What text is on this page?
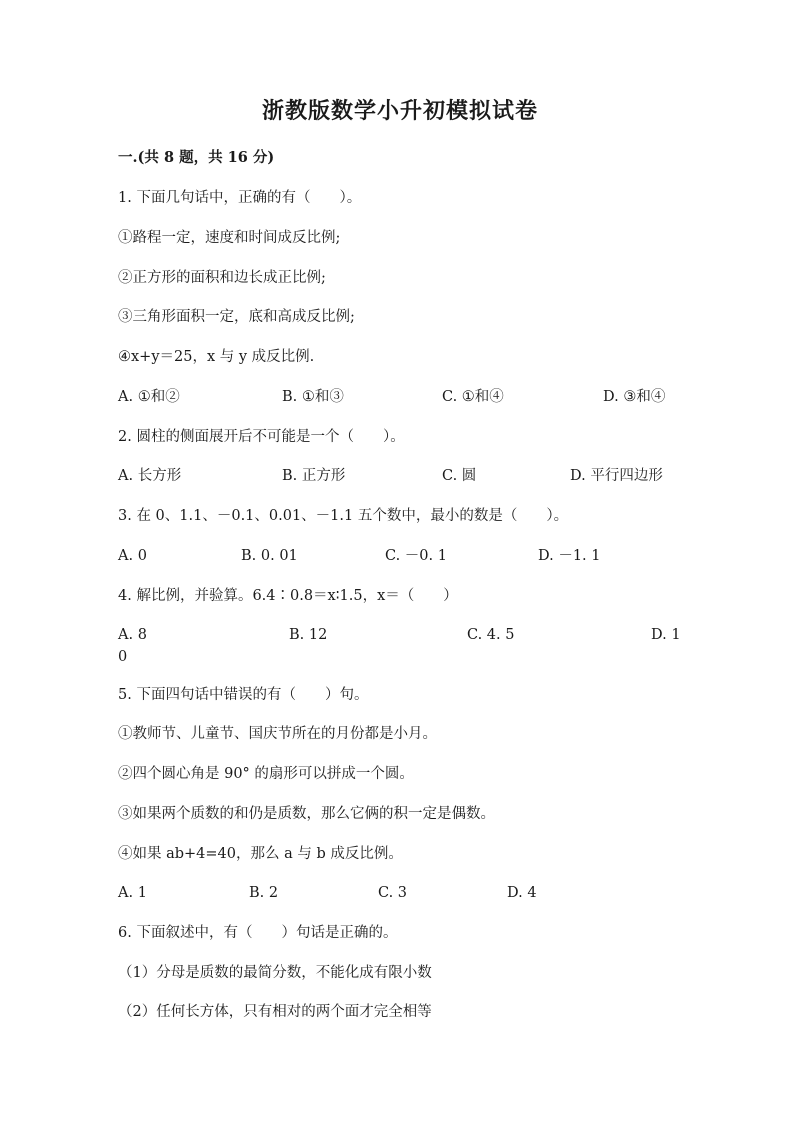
浙教版数学小升初模拟试卷
一.(共 8 题，共 16 分)
1. 下面几句话中，正确的有（　　）。
①路程一定，速度和时间成反比例;
②正方形的面积和边长成正比例;
③三角形面积一定，底和高成反比例;
④x+y＝25，x 与 y 成反比例.
A. ①和②	B. ①和③	C. ①和④	D. ③和④
2. 圆柱的侧面展开后不可能是一个（　　）。
A. 长方形	B. 正方形	C. 圆	D. 平行四边形
3. 在 0、1.1、－0.1、0.01、－1.1 五个数中，最小的数是（　　）。
A. 0	B. 0. 01	C. －0. 1	D. －1. 1
4. 解比例，并验算。6.4∶0.8＝x∶1.5，x＝（　　）
A. 8	B. 12	C. 4. 5	D. 1
0
5. 下面四句话中错误的有（　　）句。
①教师节、儿童节、国庆节所在的月份都是小月。
②四个圆心角是 90° 的扇形可以拼成一个圆。
③如果两个质数的和仍是质数，那么它俩的积一定是偶数。
④如果 ab+4=40，那么 a 与 b 成反比例。
A. 1	B. 2	C. 3	D. 4
6. 下面叙述中，有（　　）句话是正确的。
（1）分母是质数的最简分数，不能化成有限小数
（2）任何长方体，只有相对的两个面才完全相等
